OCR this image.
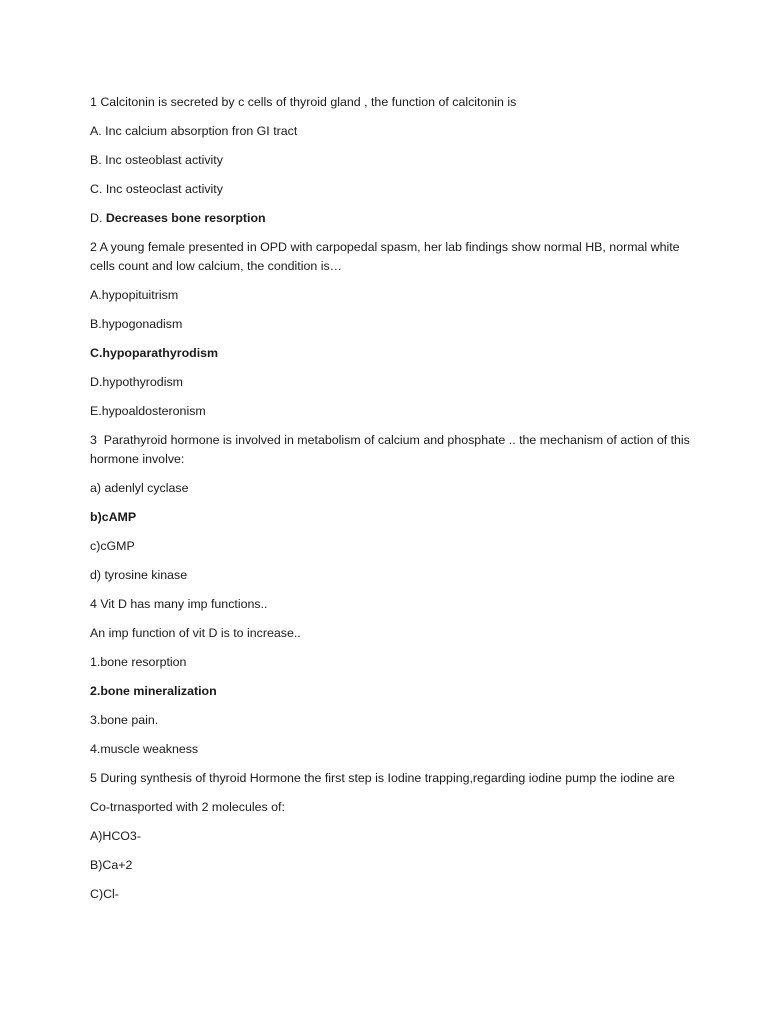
1 Calcitonin is secreted by c cells of thyroid gland , the function of calcitonin is

A. Inc calcium absorption fron GI tract

B. Inc osteoblast activity

C. Inc osteoclast activity

D. Decreases bone resorption

2 A young female presented in OPD with carpopedal spasm, her lab findings show normal HB, normal white cells count and low calcium, the condition is…

A.hypopituitrism

B.hypogonadism

C.hypoparathyrodism

D.hypothyrodism

E.hypoaldosteronism

3  Parathyroid hormone is involved in metabolism of calcium and phosphate .. the mechanism of action of this hormone involve:

a) adenlyl cyclase

b)cAMP

c)cGMP

d) tyrosine kinase

4 Vit D has many imp functions..

An imp function of vit D is to increase..

1.bone resorption

2.bone mineralization

3.bone pain.

4.muscle weakness

5 During synthesis of thyroid Hormone the first step is Iodine trapping,regarding iodine pump the iodine are

Co-trnasported with 2 molecules of:

A)HCO3-

B)Ca+2

C)Cl-
